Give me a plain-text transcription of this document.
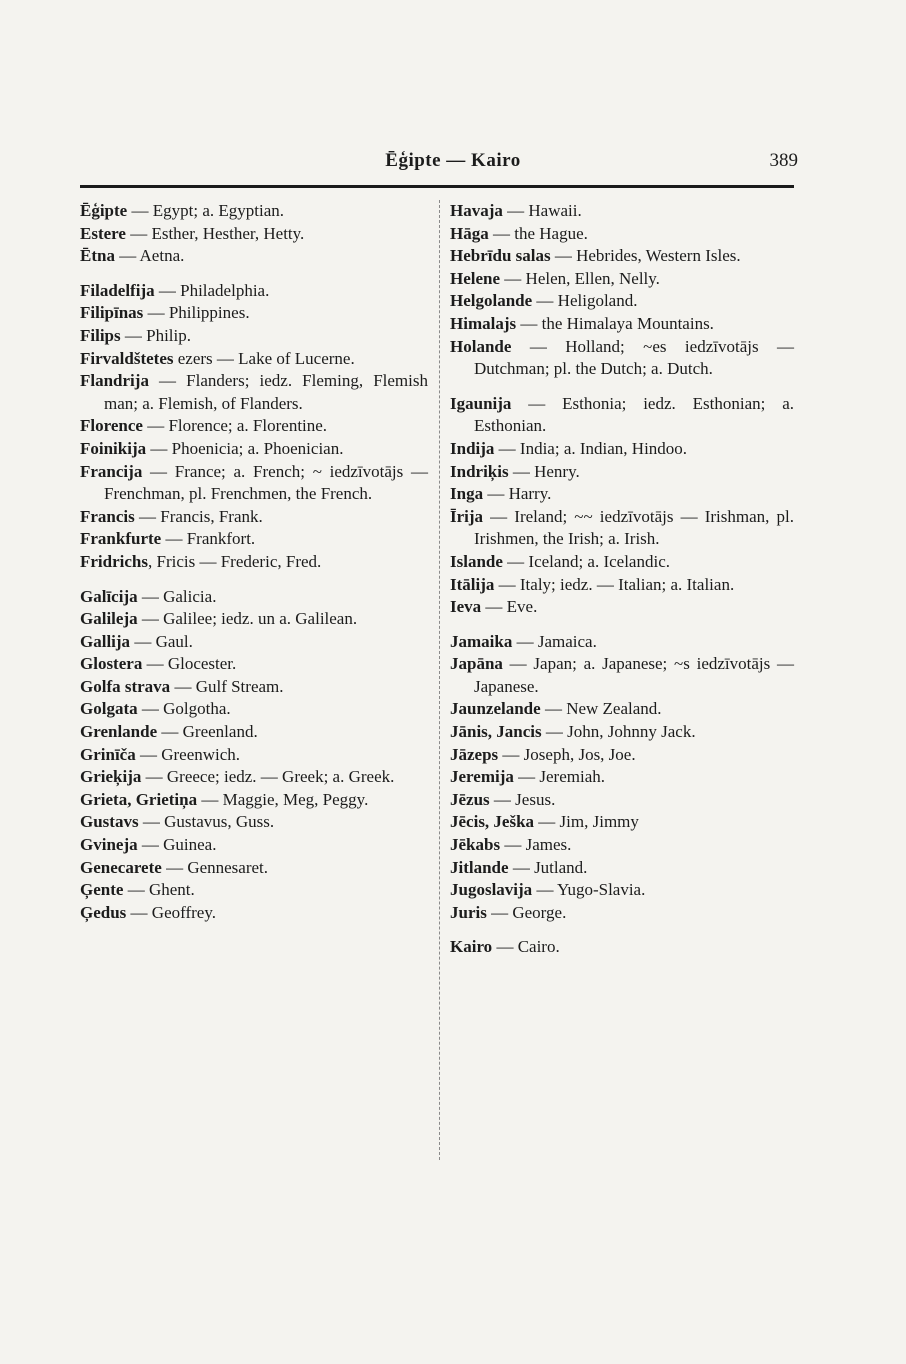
Ēģipte — Kairo	389

Ēģipte — Egypt; a. Egyptian.

Estere — Esther, Hesther, Hetty.

Ētna — Aetna.

Filadelfija — Philadelphia.

Filipīnas — Philippines.

Filips — Philip.

Firvaldštetes ezers — Lake of Lucerne.

Flandrija — Flanders; iedz. Fleming, Flemish man; a. Flemish, of Flanders.

Florence — Florence; a. Florentine.

Foinikija — Phoenicia; a. Phoenician.

Francija — France; a. French; ~ iedzīvotājs — Frenchman, pl. Frenchmen, the French.

Francis — Francis, Frank.

Frankfurte — Frankfort.

Fridrichs, Fricis — Frederic, Fred.

Galīcija — Galicia.

Galileja — Galilee; iedz. un a. Galilean.

Gallija — Gaul.

Glostera — Glocester.

Golfa strava — Gulf Stream.

Golgata — Golgotha.

Grenlande — Greenland.

Grinīča — Greenwich.

Grieķija — Greece; iedz. — Greek; a. Greek.

Grieta, Grietiņa — Maggie, Meg, Peggy.

Gustavs — Gustavus, Guss.

Gvineja — Guinea.

Genecarete — Gennesaret.

Ģente — Ghent.

Ģedus — Geoffrey.

Havaja — Hawaii.

Hāga — the Hague.

Hebrīdu salas — Hebrides, Western Isles.

Helene — Helen, Ellen, Nelly.

Helgolande — Heligoland.

Himalajs — the Himalaya Mountains.

Holande — Holland; ~es iedzīvotājs — Dutchman; pl. the Dutch; a. Dutch.

Igaunija — Esthonia; iedz. Esthonian; a. Esthonian.

Indija — India; a. Indian, Hindoo.

Indriķis — Henry.

Inga — Harry.

Īrija — Ireland; ~~ iedzīvotājs — Irishman, pl. Irishmen, the Irish; a. Irish.

Islande — Iceland; a. Icelandic.

Itālija — Italy; iedz. — Italian; a. Italian.

Ieva — Eve.

Jamaika — Jamaica.

Japāna — Japan; a. Japanese; ~s iedzīvotājs — Japanese.

Jaunzelande — New Zealand.

Jānis, Jancis — John, Johnny Jack.

Jāzeps — Joseph, Jos, Joe.

Jeremija — Jeremiah.

Jēzus — Jesus.

Jēcis, Ješka — Jim, Jimmy

Jēkabs — James.

Jitlande — Jutland.

Jugoslavija — Yugo-Slavia.

Juris — George.

Kairo — Cairo.
